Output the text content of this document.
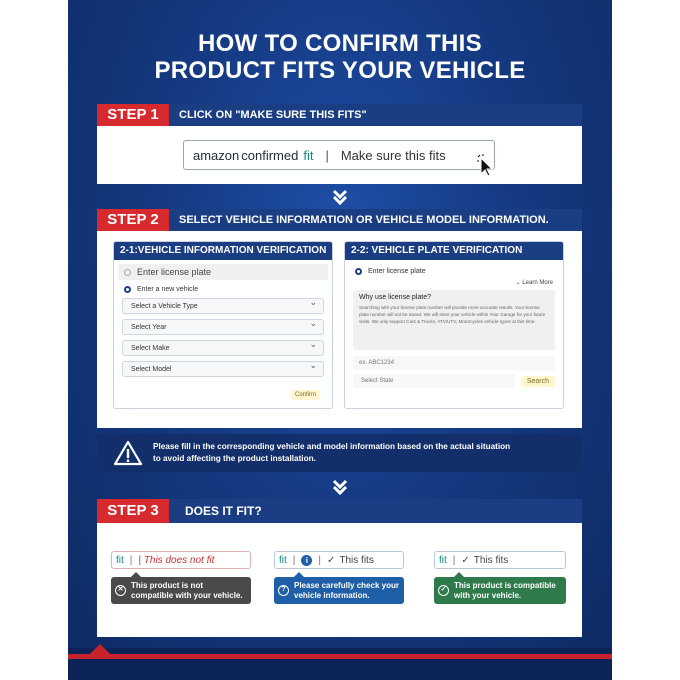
HOW TO CONFIRM THIS
PRODUCT FITS YOUR VEHICLE
STEP 1	CLICK ON "MAKE SURE THIS FITS"
amazon confirmed fit | Make sure this fits
STEP 2	SELECT VEHICLE INFORMATION OR VEHICLE MODEL INFORMATION.
2-1:VEHICLE INFORMATION VERIFICATION
Enter license plate
Enter a new vehicle
Select a Vehicle Type ⌄
Select Year ⌄
Select Make ⌄
Select Model ⌄
Confirm
2-2: VEHICLE PLATE VERIFICATION
Enter license plate
⌄ Learn More
Why use license plate?
Searching with your license plate number will provide more accurate results. Your license plate number will not be saved. We will store your vehicle within Your Garage for your future visits. We only support Cars & Trucks, ATV/UTV, Motorcycles vehicle types at this time.
ex. ABC1234
Select State	Search
Please fill in the corresponding vehicle and model information based on the actual situation
to avoid affecting the product installation.
STEP 3	DOES IT FIT?
fit | | This does not fit
✕ This product is not
compatible with your vehicle.
fit |	i	| ✓ This fits
?	Please carefully check your
vehicle information.
fit | ✓ This fits
✓ This product is compatible
with your vehicle.
